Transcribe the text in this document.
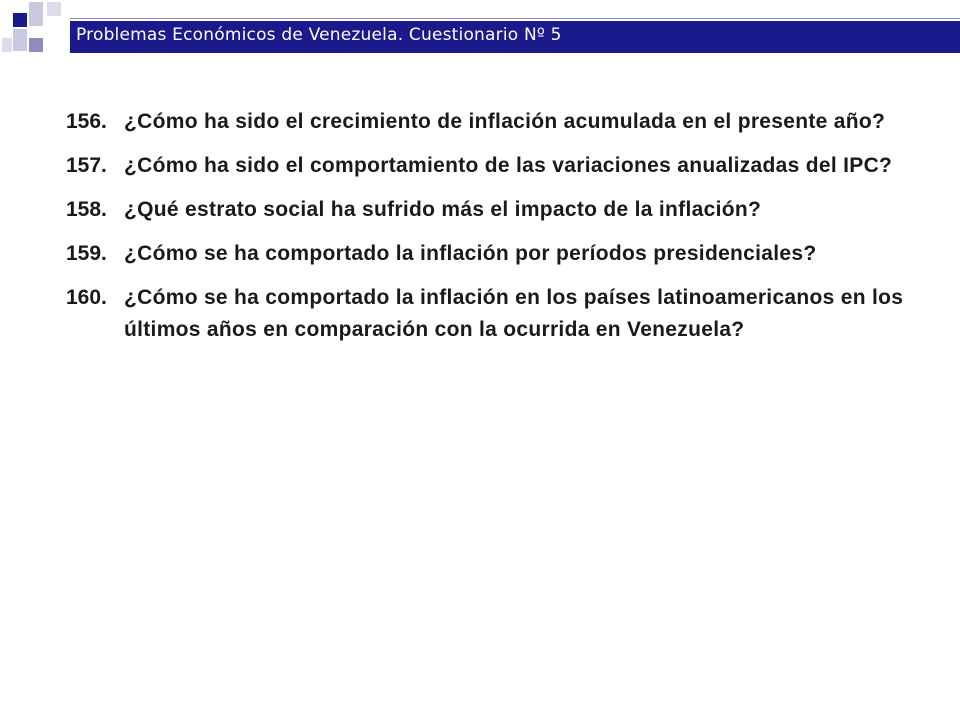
Problemas Económicos de Venezuela. Cuestionario Nº 5
156. ¿Cómo ha sido el crecimiento de inflación acumulada en el presente año?
157. ¿Cómo ha sido el comportamiento de las variaciones anualizadas del IPC?
158. ¿Qué estrato social ha sufrido más el impacto de la inflación?
159. ¿Cómo se ha comportado la inflación por períodos presidenciales?
160. ¿Cómo se ha comportado la inflación en los países latinoamericanos en los últimos años en comparación con la ocurrida en Venezuela?
